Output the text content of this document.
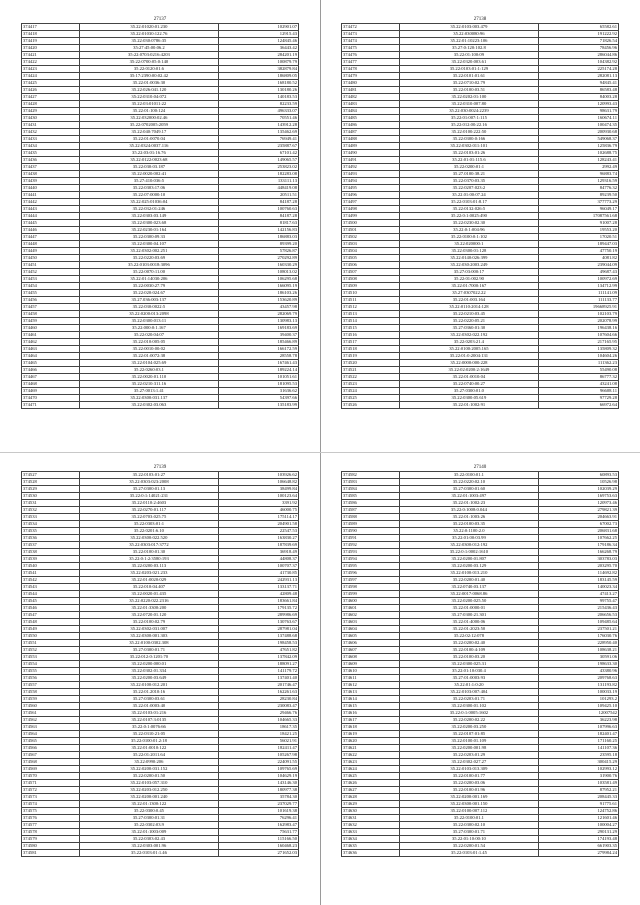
27137
374417	35.22:01020:01.230	102901.07
374418	35.22:01030:122.76	12915.43
374419	35.22:030:0786:35	124845.46
374420	35:27:45:00:06.2	36443.42
374421	35:22:0703:0216:4203	284201.19
374422	35:22:0700:05:0:140	100879.79
374423	35.22:0120:01.6	382879.84
374424	35:17:2390:00:02.42	186809.05
374425	35.22:01:0036:30	168180.52
374426	35.22:026:041.120	130180.26
374427	35:22:0310:04:072	140183.53
374428	35.22:03:01011:22	82233.59
374429	35.22:01:100:124	496333.07
374430	35.22:032000:02.46	70551.46
374431	35.22:0702005:2059	143912.28
374432	35.22:040:7049.17	135462.69
374433	35.22:01:0070.04	76949.41
374434	35.22:0324:0037.116	235887.67
374435	35.22:03:01:16.76	67101.42
374436	35.22:0122:0023:68	149065.57
374437	35.22:030:03.187	253823.02
374438	35.22:0020:002:41	182283.08
374439	35.27:410:036:5	133111.13
374440	35.22:0303:17.06	448419.08
374441	35.22:07:0000:10	20511.51
374442	35.22:025:01036:04	84187.28
374443	35.22:032:01:246	100760.63
374444	35.22:0303:03.149	84187.28
374445	35.22:0300:023.68	81817.63
374446	35.22:0230:01:164	142156.83
374447	35.22:0300:09.33	186883.03
374448	35.22:0300:04.107	89399.20
374449	35.22:0302:002.251	57826.87
374450	35.22:0220:03.69	270292.89
374451	35.22:0103:0018:3096	160330.29
374452	35.22:0070:11.00	108013.02
374453	35.22:01:14030:206	106295.68
374454	35.22:0030:27.79	166095.19
374455	35.22:020:024.67	186103.26
374456	35.27.036:003:137	153620.89
374457	35.22:030:0022:5	43457.98
374458	35.22:0200:013:2098	282069.79
374459	35.22:0300:013:11	130983.13
374460	35.22:000:0:1.167	169183.69
374461	35.22:020:04:07	39400.37
374462	35.22:010:005:05	185466.89
374463	35.22:0010:00:02	166172.59
374464	35.22:01:0072:38	28558.78
374465	35.22:0104:025.69	167461.43
374466	35.22:0260:03.1	189224.14
374467	35.22:0020:01.110	101051.61
374468	35.22:0210:311.16	181095.53
374469	35.27:0013:1.41	31636.62
374470	35.22:0300:031.137	54397.66
374471	35.22:0302:03.063	135183.99
27138
374472	35.22:0103:003.479	65582.61
374473	35.22:030080:96	191222.92
374474	35.22:01:10223:106	71826.54
374475	35.27:0:120:102.8	78456.96
374476	35.22:01:100:09	286044.86
374477	35.22:0320:003.61	104382.92
374478	35.22:0103:01:1:129	225174.28
374479	35.22:0101:01.61	282081.13
374480	35.22:0710:02.79	94845.41
374481	35.22:0100:03.51	86583.48
374482	35.22:0202:01:100	84003.28
374483	35.22:0310:007.80	120993.43
374484	35.22:030:0024:2239	98631.79
374485	35.22:01:007:1:115	160674.11
374486	35.22:012:00:22.16	100474.35
374487	35.22:0100:222:50	200930.68
374488	35.22:0300:0:166	549068.37
374489	35.22:0302:011:101	125836.79
374490	35.22:0103:01:26	102688.75
374491	35.22:01:01:115.6	128243.41
374492	35.22:0200:01:1	2992.49
374493	35.27.0100:38.21	96883.74
374494	35.22:0370:03.35	129316.59
374495	35.22:0207:023:2	84776.32
374496	35.22.01:00:07.24	89239.50
374497	35.22:0103:01:8.17	377773.29
374498	35.22:0132:026:5	96049.17
374499	35.22:0:1:0025:490	17087561.68
374500	35.22:0230:02.30	91007.28
374501	35.22:0:1:004:96	19553.20
374502	35.22:0100:0:1:102	17020.51
374503	35.22:020000:1	189447.03
374504	35.22:0300:01:128	47750.19
374505	35.22:0140:026:399	4081.82
374506	35.22:030:2003.249	239044.09
374507	35.27:03:000:17	49687.43
374508	35.22:01:002.90	100972.69
374509	35.22:01:7000:167	134712.99
374510	35.27:0307022.22	111141.09
374511	35.22:01:003.164	111133.77
374512	35.22:0110:2014:128	19668925.91
374513	35.22:0210:03.45	102103.79
374514	35.22:0220:05.21	202078.99
374515	35.27:0360:01:30	196438.16
374516	35.22:0302:022.192	107604.66
374517	35.22:0203:21.4	217165.95
374518	35.22:0100:2005.165	135809.32
374519	35.22:01:0:2004:131	104604.26
374520	35.22:0000:000:228	111362.23
374521	35.22:02:0200:2:1649	55490.08
374522	35.22:01:0010:04	86777.32
374523	35.22:0740:00.27	43241.08
374524	35.27:0300:01.0	96608.11
374525	35.22:0300:05.619	97729.28
374526	35.22:01:1002:91	66972.64
27139
374527	35.22:0103:01:27	103926.62
374528	35.22:0303:023:2008	106648.82
374529	35.27:0300:01.13	38499.84
374530	35.22:0:1:14021:231	100123.64
374531	35.22:0110:2:4603	3391.92
374532	35.22:0270:01.117	46000.75
374533	35.22:0703:025.75	175114.17
374534	35.22:0303:01:1	204901.58
374535	35.22:0201:6.10	22547.53
374536	35.22:0300:022.520	163830.27
374537	35.22:0303:017:3772	187839.69
374538	35.22:0100:01.30	36918.49
374539	35.22:0:1:2:3580:193	44808.37
374540	35.22:0200:03.113	100707.37
374541	35.22:0203:021.233	41730.85
374542	35.22:01:0020:029	242931.13
374543	35.22:010:04.407	133137.71
374544	35.22:0020:01.435	42809.48
374545	35.22:0220:022.2316	183661.84
374546	35.22:01:3300:200	179135.72
374547	35.22:0720:01.120	289986.69
374548	35.22:0100:02.79	130763.67
374549	35.22:0302:031.007	287981.04
374550	35.22:0300:001.303	137488.68
374551	35.22:0100:0302.308	198458.53
374552	35.27:0300:01.71	47651.82
374553	35.22:012:0:1201:70	137842.09
374554	35.22:0200:000.01	188091.27
374555	35.22:0302:01.334	141179.72
374556	35.22:0200:03.649	137401.40
374557	35.22:0100:012.201	201746.47
374558	35.22:01.2010:16	162261.63
374559	35.27:0300:03.61	28230.84
374560	35.22:01:0003:40	230083.47
374561	35.22:0103:01:216	29466.76
374562	35.22:0107:3:0135	104665.33
374563	35.22:0:1:0076:66	18617.35
374564	35.22:0310:21:05	18421.25
374565	35.22:0100:01.2:18	56021.91
374566	35.22:01:0010:122	182411.47
374567	35.22:01:2011.64	105267.98
374568	35.22:0990:206	224091.55
374569	35.22:0200:031.152	109765.69
374570	35.22:0200:01.50	104629.19
374571	35.22:0103:057.310	143146.30
374572	35.22:0203:012.250	180977.38
374573	35.22:0200:001.240	35784.30
374574	35.22:01:1300:122	237029.77
374575	35.22:0300:0.45	101619.38
374576	35.27:0300:01.31	76296.41
374577	35.22:0302:03.9	162983.47
374578	35.22:01:1003:009	75631.77
374579	35.22:0303:02.43	115166.50
374580	35.22:0303:001.96	160468.23
374581	35.22:0103:01:1.46	271652.03
27140
374582	35.22:0100:01.1	60893.53
374583	35.22:0220:02.10	10526.98
374584	35.27:0300:01.60	102039.29
374585	35.22:01:1003:497	169753.63
374586	35.22:01:1002:23	120973.46
374587	35.22:0:1008:0.044	279821.39
374588	35.22:01:1003:26	204663.91
374589	35.22:0100:03.35	67002.73
374590	35.22:0:1100:2.0	206831.68
374591	35.22:01:00:03.99	107662.25
374592	35.22:0300:012:192	179186.34
374593	35.22:0:1:0002:1610	166268.79
374594	35.22:0200:01.807	303783.03
374595	35.22:0200:03.129	203295.70
374596	35.22:0100:013.210	114692.82
374597	35.22:0200:01.40	183145.59
374598	35.22:0740:03.137	140023.34
374599	35.22:0017:0068.86	47413.27
374600	35.22:0200:025.50	99755.47
374601	35.22:01:0000:01	215436.43
374602	35.27:0300:21.301	206656.53
374603	35.22:01:4000:06	109485.64
374604	35.22:01:2023:50	237501.21
374605	35.22:02:12:078	176030.76
374606	35.22:0200:02.40	228950.40
374607	35.22:0100:4:109	108638.21
374608	35.22:0100:03.20	30591.06
374609	35.22:0300:025.31	198633.30
374610	35.22:01:10:030.4	43380.96
374611	35.27:01:0003:93	209768.63
374612	35.22:01:1:0:20	131193.82
374613	35.22:0103:007:404	100033.19
374614	35.22:0203:01.71	101293.2
374615	35.22:0300:01.102	109425.10
374616	35.22:0:1:0005:1602	12007542
374617	35.22:0200:02.22	36223.98
374618	35.22:0200:03.250	107996.63
374619	35.22:0107:01:85	182401.47
374620	35.22:0100:01.109	171160.25
374621	35.22:0200:001.98	141107.36
374622	35.22:0203:01.29	23595.18
374623	35.22:0302:027.27	300415.29
374624	35.22:0103:013.309	102993.12
374625	35.22:0100:01.77	31900.76
374626	35.22:0200:03.06	103581.49
374627	35.22:0100:01.96	87952.21
374628	35.22:0200:001.169	208445.33
374629	35.22:0300:001.150	91775.61
374630	35.22:0100:007.112	124752.86
374631	35.22:0100:01.1	121601.46
374632	35.22:0300:02.10	100004.27
374633	35.27:0300:01.71	290131.29
374634	35.22:01:10:00:10	174193.48
374635	35.22:0200:01.54	661903.35
374636	35.22:0103:01:1.45	279984.24
